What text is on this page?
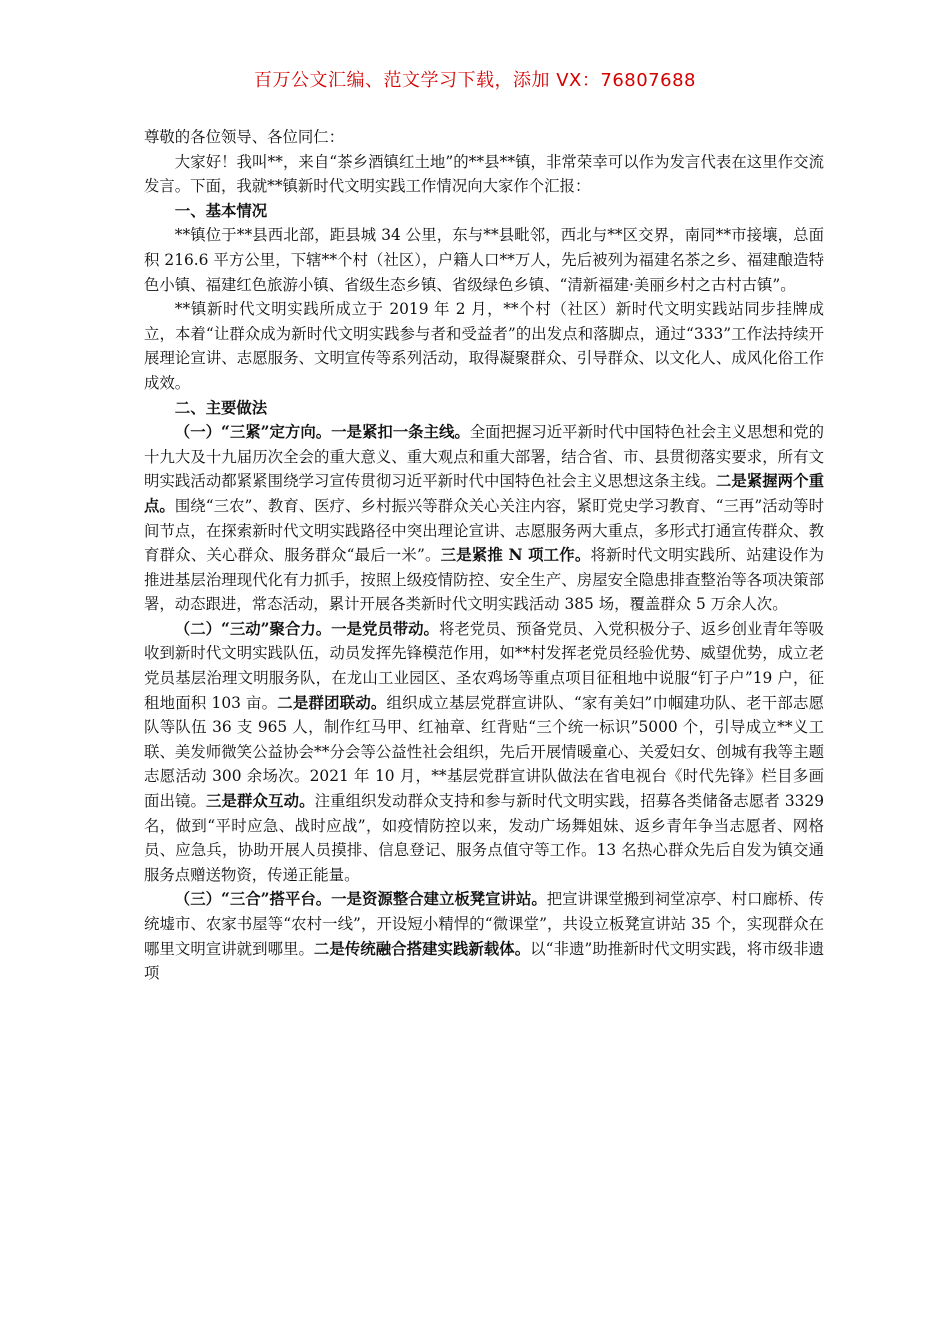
百万公文汇编、范文学习下载，添加 VX：76807688

尊敬的各位领导、各位同仁：

大家好！我叫**，来自“茶乡酒镇红土地”的**县**镇，非常荣幸可以作为发言代表在这里作交流发言。下面，我就**镇新时代文明实践工作情况向大家作个汇报：

一、基本情况

**镇位于**县西北部，距县城 34 公里，东与**县毗邻，西北与**区交界，南同**市接壤，总面积 216.6 平方公里，下辖**个村（社区），户籍人口**万人，先后被列为福建名茶之乡、福建酿造特色小镇、福建红色旅游小镇、省级生态乡镇、省级绿色乡镇、“清新福建·美丽乡村之古村古镇”。

**镇新时代文明实践所成立于 2019 年 2 月，**个村（社区）新时代文明实践站同步挂牌成立，本着“让群众成为新时代文明实践参与者和受益者”的出发点和落脚点，通过“333”工作法持续开展理论宣讲、志愿服务、文明宣传等系列活动，取得凝聚群众、引导群众、以文化人、成风化俗工作成效。

二、主要做法

（一）“三紧”定方向。一是紧扣一条主线。全面把握习近平新时代中国特色社会主义思想和党的十九大及十九届历次全会的重大意义、重大观点和重大部署，结合省、市、县贯彻落实要求，所有文明实践活动都紧紧围绕学习宣传贯彻习近平新时代中国特色社会主义思想这条主线。二是紧握两个重点。围绕“三农”、教育、医疗、乡村振兴等群众关心关注内容，紧盯党史学习教育、“三再”活动等时间节点，在探索新时代文明实践路径中突出理论宣讲、志愿服务两大重点，多形式打通宣传群众、教育群众、关心群众、服务群众“最后一米”。三是紧推 N 项工作。将新时代文明实践所、站建设作为推进基层治理现代化有力抓手，按照上级疫情防控、安全生产、房屋安全隐患排查整治等各项决策部署，动态跟进，常态活动，累计开展各类新时代文明实践活动 385 场，覆盖群众 5 万余人次。

（二）“三动”聚合力。一是党员带动。将老党员、预备党员、入党积极分子、返乡创业青年等吸收到新时代文明实践队伍，动员发挥先锋模范作用，如**村发挥老党员经验优势、威望优势，成立老党员基层治理文明服务队，在龙山工业园区、圣农鸡场等重点项目征租地中说服“钉子户”19 户，征租地面积 103 亩。二是群团联动。组织成立基层党群宣讲队、“家有美妇”巾帼建功队、老干部志愿队等队伍 36 支 965 人，制作红马甲、红袖章、红背贴“三个统一标识”5000 个，引导成立**义工联、美发师微笑公益协会**分会等公益性社会组织，先后开展情暖童心、关爱妇女、创城有我等主题志愿活动 300 余场次。2021 年 10 月，**基层党群宣讲队做法在省电视台《时代先锋》栏目多画面出镜。三是群众互动。注重组织发动群众支持和参与新时代文明实践，招募各类储备志愿者 3329 名，做到“平时应急、战时应战”，如疫情防控以来，发动广场舞姐妹、返乡青年争当志愿者、网格员、应急兵，协助开展人员摸排、信息登记、服务点值守等工作。13 名热心群众先后自发为镇交通服务点赠送物资，传递正能量。

（三）“三合”搭平台。一是资源整合建立板凳宣讲站。把宣讲课堂搬到祠堂凉亭、村口廊桥、传统墟市、农家书屋等“农村一线”，开设短小精悍的“微课堂”，共设立板凳宣讲站 35 个，实现群众在哪里文明宣讲就到哪里。二是传统融合搭建实践新载体。以“非遗”助推新时代文明实践，将市级非遗项
